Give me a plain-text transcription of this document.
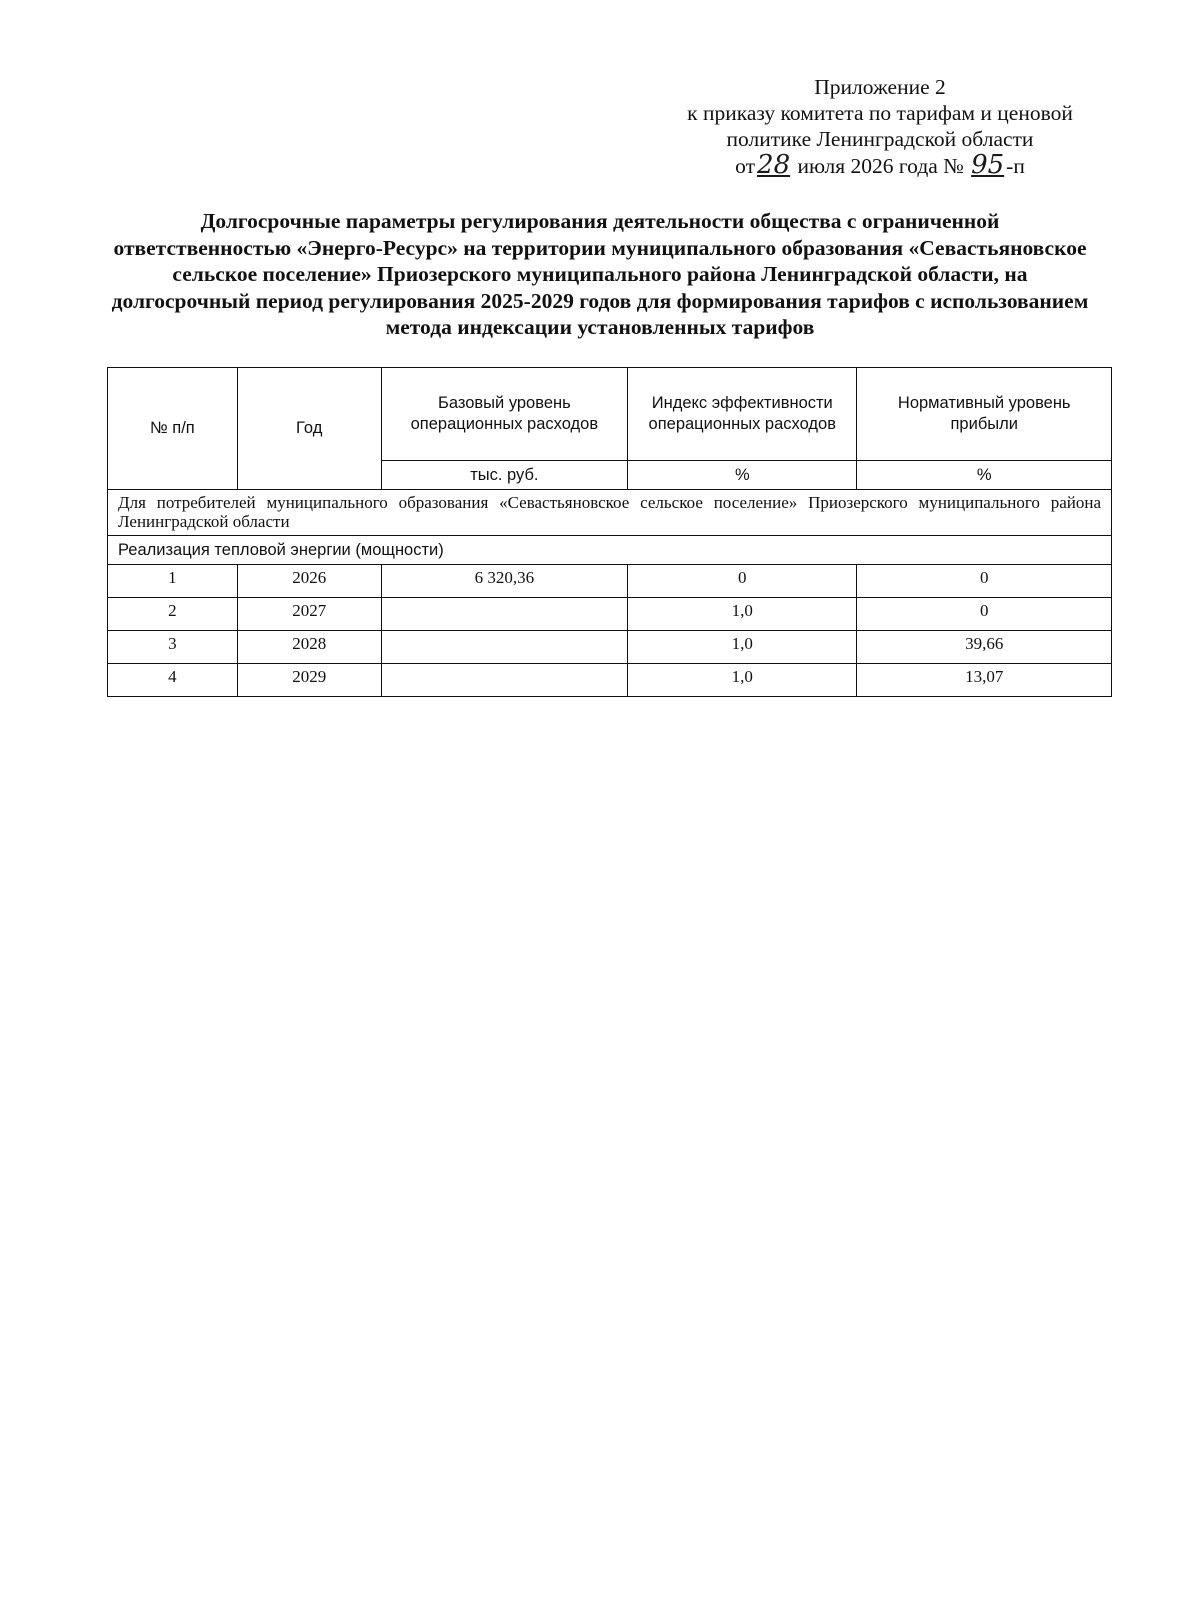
Приложение 2
к приказу комитета по тарифам и ценовой
политике Ленинградской области
от28 июля 2026 года № 95-п
Долгосрочные параметры регулирования деятельности общества с ограниченной ответственностью «Энерго-Ресурс» на территории муниципального образования «Севастьяновское сельское поселение» Приозерского муниципального района Ленинградской области, на долгосрочный период регулирования 2025-2029 годов для формирования тарифов с использованием метода индексации установленных тарифов
№ п/п	Год	Базовый уровень операционных расходов	Индекс эффективности операционных расходов	Нормативный уровень прибыли
		тыс. руб.	%	%
Для потребителей муниципального образования «Севастьяновское сельское поселение» Приозерского муниципального района Ленинградской области				
Реализация тепловой энергии (мощности)				
1	2026	6 320,36	0	0
2	2027		1,0	0
3	2028		1,0	39,66
4	2029		1,0	13,07
